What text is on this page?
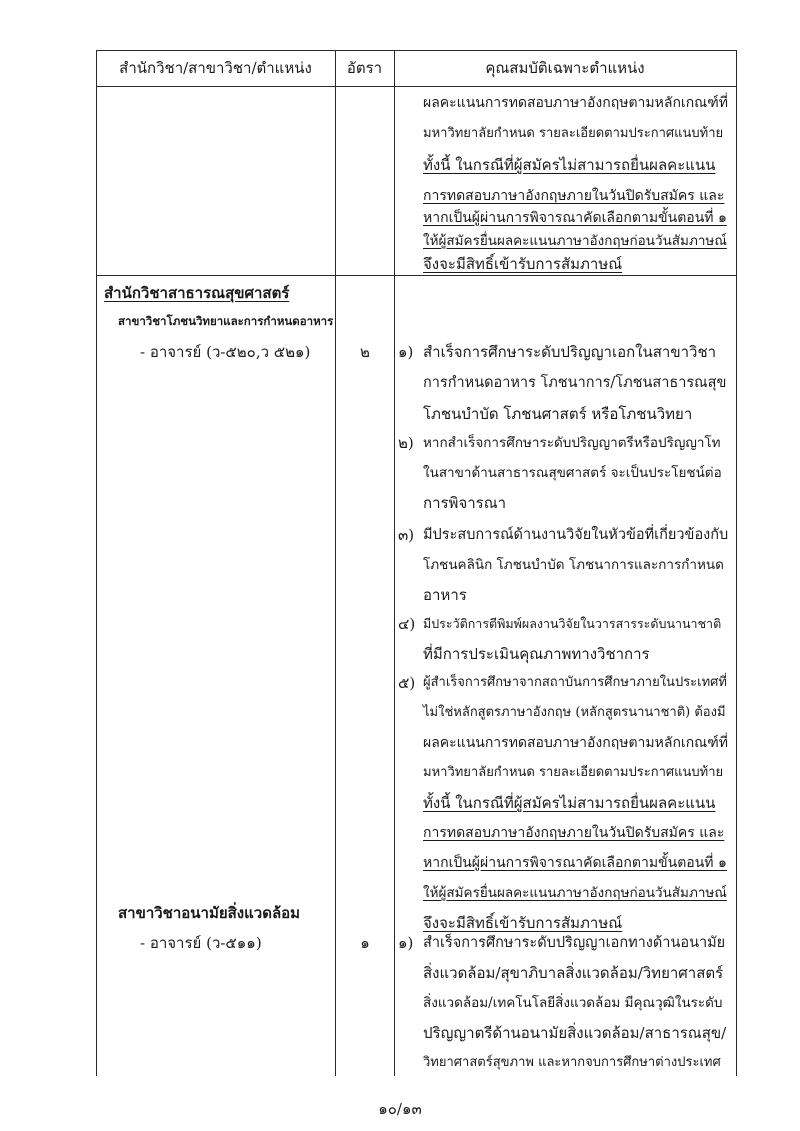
สำนักวิชา/สาขาวิชา/ตำแหน่ง	อัตรา	คุณสมบัติเฉพาะตำแหน่ง
ผลคะแนนการทดสอบภาษาอังกฤษตามหลักเกณฑ์ที่
มหาวิทยาลัยกำหนด รายละเอียดตามประกาศแนบท้าย
ทั้งนี้ ในกรณีที่ผู้สมัครไม่สามารถยื่นผลคะแนน
การทดสอบภาษาอังกฤษภายในวันปิดรับสมัคร และ
หากเป็นผู้ผ่านการพิจารณาคัดเลือกตามขั้นตอนที่ ๑
ให้ผู้สมัครยื่นผลคะแนนภาษาอังกฤษก่อนวันสัมภาษณ์
จึงจะมีสิทธิ์เข้ารับการสัมภาษณ์
สำนักวิชาสาธารณสุขศาสตร์
สาขาวิชาโภชนวิทยาและการกำหนดอาหาร
- อาจารย์ (ว-๕๒๐,ว ๕๒๑)	๒	๑) สำเร็จการศึกษาระดับปริญญาเอกในสาขาวิชา
การกำหนดอาหาร โภชนาการ/โภชนสาธารณสุข
โภชนบำบัด โภชนศาสตร์ หรือโภชนวิทยา
๒) หากสำเร็จการศึกษาระดับปริญญาตรีหรือปริญญาโท
ในสาขาด้านสาธารณสุขศาสตร์ จะเป็นประโยชน์ต่อ
การพิจารณา
๓) มีประสบการณ์ด้านงานวิจัยในหัวข้อที่เกี่ยวข้องกับ
โภชนคลินิก โภชนบำบัด โภชนาการและการกำหนด
อาหาร
๔) มีประวัติการตีพิมพ์ผลงานวิจัยในวารสารระดับนานาชาติ
ที่มีการประเมินคุณภาพทางวิชาการ
๕) ผู้สำเร็จการศึกษาจากสถาบันการศึกษาภายในประเทศที่
ไม่ใช่หลักสูตรภาษาอังกฤษ (หลักสูตรนานาชาติ) ต้องมี
ผลคะแนนการทดสอบภาษาอังกฤษตามหลักเกณฑ์ที่
มหาวิทยาลัยกำหนด รายละเอียดตามประกาศแนบท้าย
ทั้งนี้ ในกรณีที่ผู้สมัครไม่สามารถยื่นผลคะแนน
การทดสอบภาษาอังกฤษภายในวันปิดรับสมัคร และ
หากเป็นผู้ผ่านการพิจารณาคัดเลือกตามขั้นตอนที่ ๑
ให้ผู้สมัครยื่นผลคะแนนภาษาอังกฤษก่อนวันสัมภาษณ์
จึงจะมีสิทธิ์เข้ารับการสัมภาษณ์
สาขาวิชาอนามัยสิ่งแวดล้อม
- อาจารย์ (ว-๕๑๑)	๑	๑) สำเร็จการศึกษาระดับปริญญาเอกทางด้านอนามัย
สิ่งแวดล้อม/สุขาภิบาลสิ่งแวดล้อม/วิทยาศาสตร์
สิ่งแวดล้อม/เทคโนโลยีสิ่งแวดล้อม มีคุณวุฒิในระดับ
ปริญญาตรีด้านอนามัยสิ่งแวดล้อม/สาธารณสุข/
วิทยาศาสตร์สุขภาพ และหากจบการศึกษาต่างประเทศ
๑๐/๑๓
